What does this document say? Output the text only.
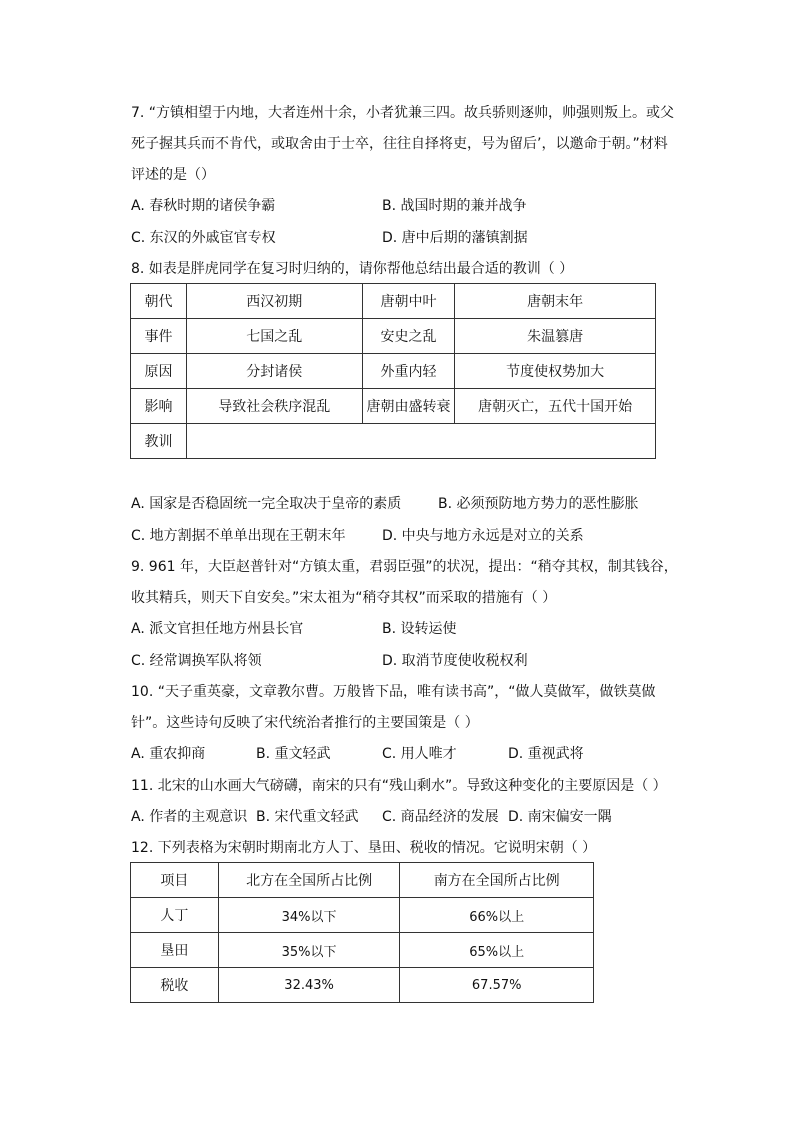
7. “方镇相望于内地，大者连州十余，小者犹兼三四。故兵骄则逐帅，帅强则叛上。或父
死子握其兵而不肯代，或取舍由于士卒，往往自择将吏，号为留后’，以邀命于朝。”材料
评述的是（）
A. 春秋时期的诸侯争霸	B. 战国时期的兼并战争
C. 东汉的外戚宦官专权	D. 唐中后期的藩镇割据
8. 如表是胖虎同学在复习时归纳的，请你帮他总结出最合适的教训（ ）
朝代	西汉初期	唐朝中叶	唐朝末年
事件	七国之乱	安史之乱	朱温篡唐
原因	分封诸侯	外重内轻	节度使权势加大
影响	导致社会秩序混乱	唐朝由盛转衰	唐朝灭亡，五代十国开始
教训			
A. 国家是否稳固统一完全取决于皇帝的素质	B. 必须预防地方势力的恶性膨胀
C. 地方割据不单单出现在王朝末年	D. 中央与地方永远是对立的关系
9. 961 年，大臣赵普针对“方镇太重，君弱臣强”的状况，提出：“稍夺其权，制其钱谷，
收其精兵，则天下自安矣。”宋太祖为“稍夺其权”而采取的措施有（ ）
A. 派文官担任地方州县长官	B. 设转运使
C. 经常调换军队将领	D. 取消节度使收税权利
10. “天子重英豪，文章教尔曹。万般皆下品，唯有读书高”，“做人莫做军，做铁莫做
针”。这些诗句反映了宋代统治者推行的主要国策是（ ）
A. 重农抑商	B. 重文轻武	C. 用人唯才	D. 重视武将
11. 北宋的山水画大气磅礴，南宋的只有“残山剩水”。导致这种变化的主要原因是（ ）
A. 作者的主观意识 B. 宋代重文轻武 C. 商品经济的发展 D. 南宋偏安一隅
12. 下列表格为宋朝时期南北方人丁、垦田、税收的情况。它说明宋朝（ ）
项目	北方在全国所占比例	南方在全国所占比例
人丁	34%以下	66%以上
垦田	35%以下	65%以上
税收	32.43%	67.57%
